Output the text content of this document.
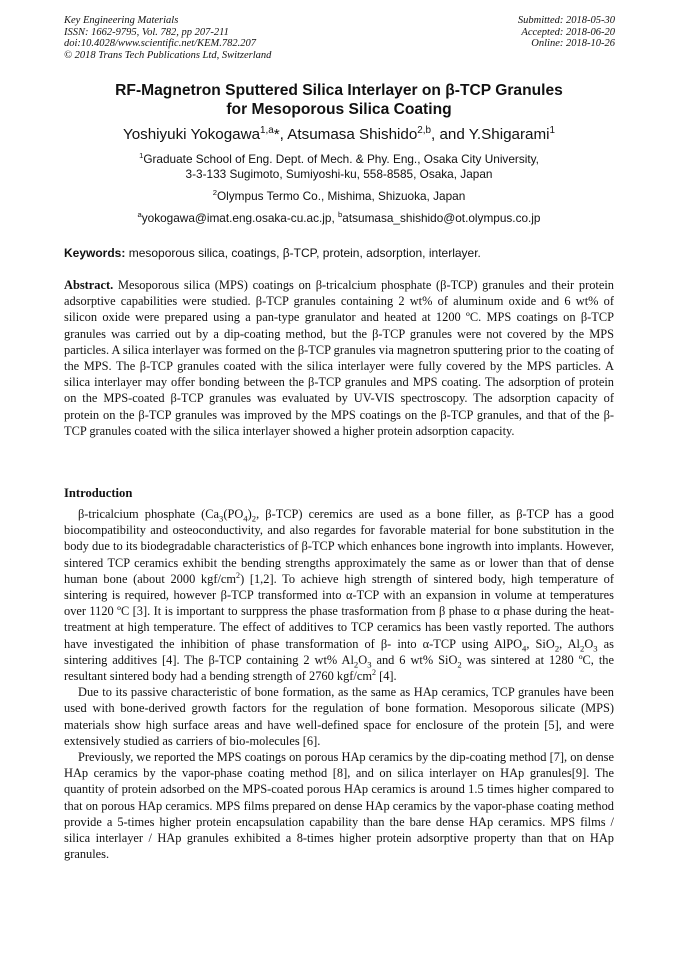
Key Engineering Materials
ISSN: 1662-9795, Vol. 782, pp 207-211
doi:10.4028/www.scientific.net/KEM.782.207
© 2018 Trans Tech Publications Ltd, Switzerland
Submitted: 2018-05-30
Accepted: 2018-06-20
Online: 2018-10-26
RF-Magnetron Sputtered Silica Interlayer on β-TCP Granules
for Mesoporous Silica Coating
Yoshiyuki Yokogawa$^{1,a}$*, Atsumasa Shishido$^{2,b}$, and Y.Shigarami$^1$
$^1$Graduate School of Eng. Dept. of Mech. & Phy. Eng., Osaka City University,
3-3-133 Sugimoto, Sumiyoshi-ku, 558-8585, Osaka, Japan
$^2$Olympus Termo Co., Mishima, Shizuoka, Japan
$^a$yokogawa@imat.eng.osaka-cu.ac.jp, $^b$atsumasa_shishido@ot.olympus.co.jp
Keywords: mesoporous silica, coatings, β-TCP, protein, adsorption, interlayer.

Abstract. Mesoporous silica (MPS) coatings on β-tricalcium phosphate (β-TCP) granules and their protein adsorptive capabilities were studied. β-TCP granules containing 2 wt% of aluminum oxide and 6 wt% of silicon oxide were prepared using a pan-type granulator and heated at 1200 ºC. MPS coatings on β-TCP granules was carried out by a dip-coating method, but the β-TCP granules were not covered by the MPS particles. A silica interlayer was formed on the β-TCP granules via magnetron sputtering prior to the coating of the MPS. The β-TCP granules coated with the silica interlayer were fully covered by the MPS particles. A silica interlayer may offer bonding between the β-TCP granules and MPS coating. The adsorption of protein on the MPS-coated β-TCP granules was evaluated by UV-VIS spectroscopy. The adsorption capacity of protein on the β-TCP granules was improved by the MPS coatings on the β-TCP granules, and that of the β-TCP granules coated with the silica interlayer showed a higher protein adsorption capacity.

Introduction

β-tricalcium phosphate ($Ca_3(PO_4)_2$, β-TCP) ceremics are used as a bone filler, as β-TCP has a good biocompatibility and osteoconductivity, and also regardes for favorable material for bone substitution in the body due to its biodegradable characteristics of β-TCP which enhances bone ingrowth into implants. However, sintered TCP ceramics exhibit the bending strengths approximately the same as or lower than that of dense human bone (about 2000 kgf/$cm^2$) [1,2]. To achieve high strength of sintered body, high temperature of sintering is required, however β-TCP transformed into α-TCP with an expansion in volume at temperatures over 1120 ºC [3]. It is important to surppress the phase trasformation from β phase to α phase during the heat-treatment at high temperature. The effect of additives to TCP ceramics has been vastly reported. The authors have investigated the inhibition of phase transformation of β- into α-TCP using AlPO$_4$, SiO$_2$, $Al_2O_3$ as sintering additives [4]. The β-TCP containing 2 wt% $Al_2O_3$ and 6 wt% SiO$_2$ was sintered at 1280 ºC, the resultant sintered body had a bending strength of 2760 kgf/$cm^2$ [4].

Due to its passive characteristic of bone formation, as the same as HAp ceramics, TCP granules have been used with bone-derived growth factors for the regulation of bone formation. Mesoporous silicate (MPS) materials show high surface areas and have well-defined space for enclosure of the protein [5], and were extensively studied as carriers of bio-molecules [6].

Previously, we reported the MPS coatings on porous HAp ceramics by the dip-coating method [7], on dense HAp ceramics by the vapor-phase coating method [8], and on silica interlayer on HAp granules[9]. The quantity of protein adsorbed on the MPS-coated porous HAp ceramics is around 1.5 times higher compared to that on porous HAp ceramics. MPS films prepared on dense HAp ceramics by the vapor-phase coating method provide a 5-times higher protein encapsulation capability than the bare dense HAp ceramics. MPS films / silica interlayer / HAp granules exhibited a 8-times higher protein adsorptive property than that on HAp granules.
